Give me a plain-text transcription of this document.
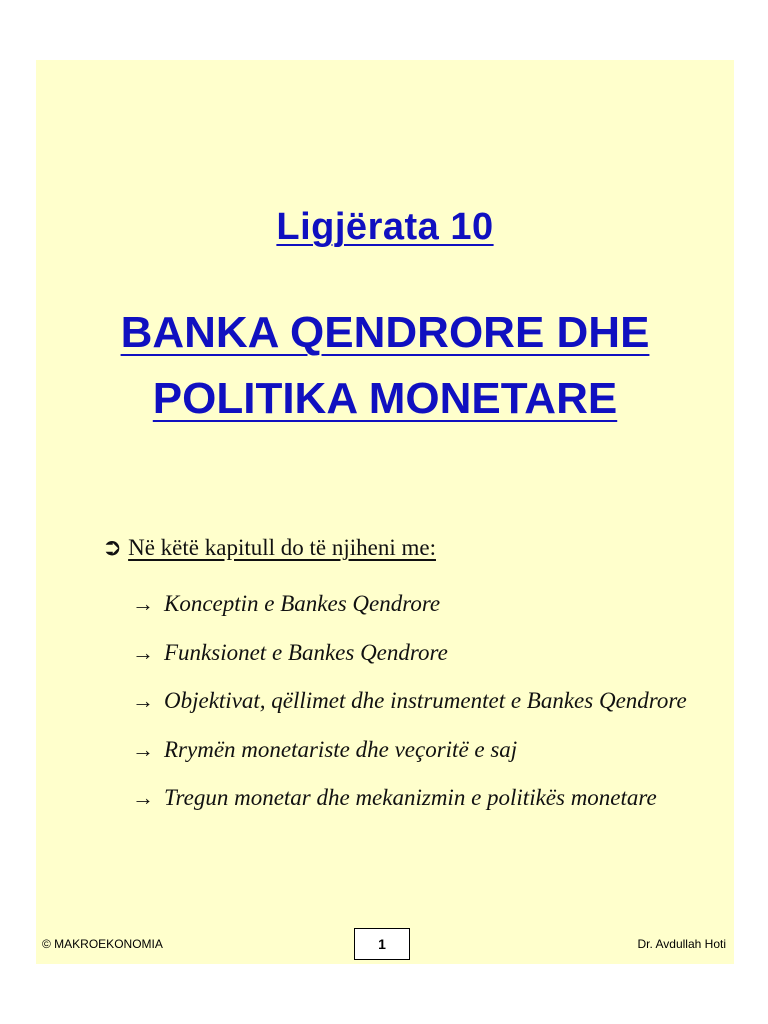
Ligjërata 10
BANKA QENDRORE DHE
POLITIKA MONETARE
➲ Në këtë kapitull do të njiheni me:
→ Konceptin e Bankes Qendrore
→ Funksionet e Bankes Qendrore
→ Objektivat, qëllimet dhe instrumentet e Bankes Qendrore
→ Rrymën monetariste dhe veçoritë e saj
→ Tregun monetar dhe mekanizmin e politikës monetare
© MAKROEKONOMIA	1	Dr. Avdullah Hoti
